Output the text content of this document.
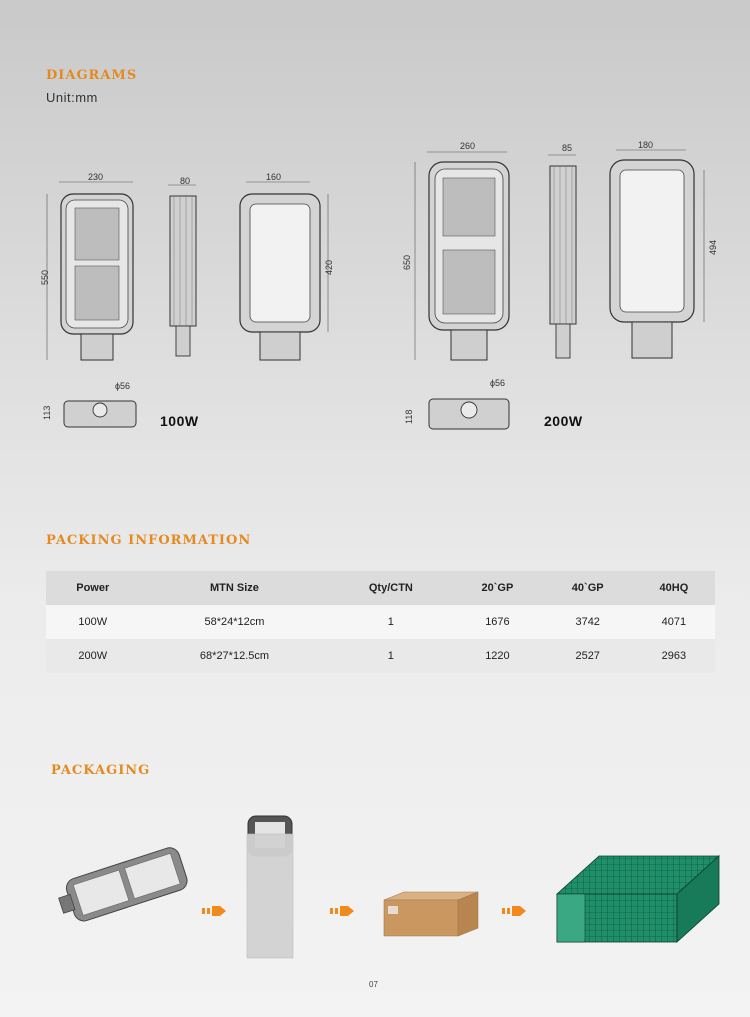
DIAGRAMS
Unit:mm
230
550
80	160
420
ϕ56
113
100W
260
650
85	180
494
ϕ56
118	200W
PACKING INFORMATION
Power	MTN Size	Qty/CTN	20`GP	40`GP	40HQ
100W	58*24*12cm	1	1676	3742	4071
200W	68*27*12.5cm	1	1220	2527	2963
PACKAGING
07
